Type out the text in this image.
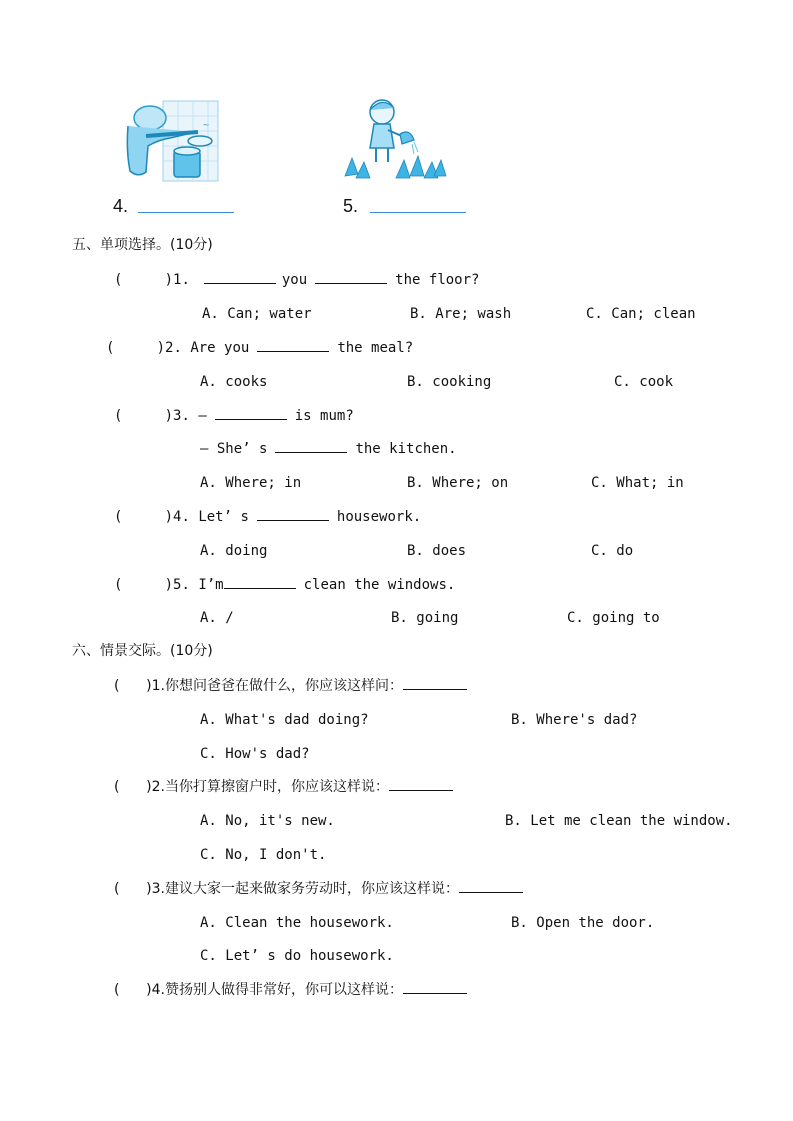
~
4.	5.
五、单项选择。(10分)
(     )1.	you	the floor?
A. Can; water	B. Are; wash	C. Can; clean
(     )2. Are you	the meal?
A. cooks	B. cooking	C. cook
(     )3. —	is mum?
— She’ s	the kitchen.
A. Where; in	B. Where; on	C. What; in
(     )4. Let’ s	housework.
A. doing	B. does	C. do
(     )5. I’m	clean the windows.
A. /	B. going	C. going to
六、情景交际。(10分)
(      )1.你想问爸爸在做什么，你应该这样问：
A. What's dad doing?	B. Where's dad?
C. How's dad?
(      )2.当你打算擦窗户时，你应该这样说：
A. No, it's new.	B. Let me clean the window.
C. No, I don't.
(      )3.建议大家一起来做家务劳动时，你应该这样说：
A. Clean the housework.	B. Open the door.
C. Let’ s do housework.
(      )4.赞扬别人做得非常好，你可以这样说：
